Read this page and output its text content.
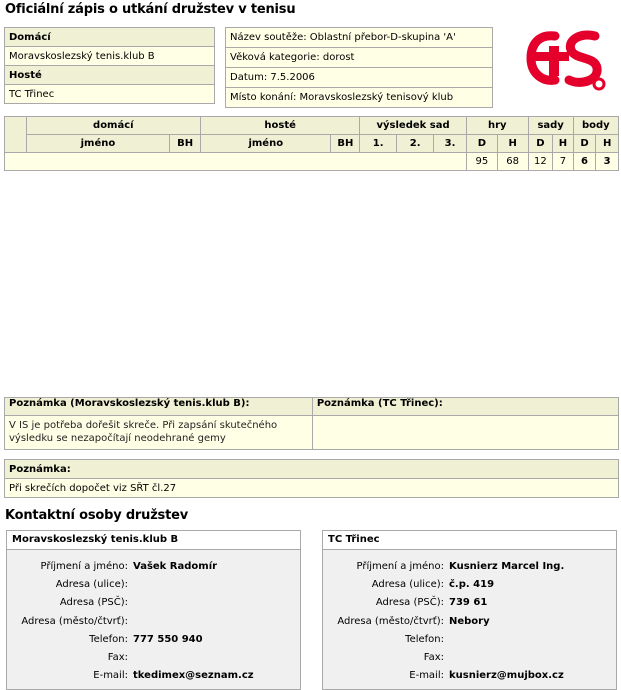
Oficiální zápis o utkání družstev v tenisu
Domácí
Moravskoslezský tenis.klub B
Hosté
TC Třinec
Název soutěže: Oblastní přebor-D-skupina 'A'
Věková kategorie: dorost
Datum: 7.5.2006
Místo konání: Moravskoslezský tenisový klub
	domácí		hosté		výsledek sad			hry		sady		body	
	jméno	BH	jméno	BH	1.	2.	3.	D	H	D	H	D	H
								95	68	12	7	6	3
Poznámka (Moravskoslezský tenis.klub B):	Poznámka (TC Třinec):
V IS je potřeba dořešit skreče. Při zapsání skutečného
výsledku se nezapočítají neodehrané gemy	
Poznámka:
Při skrečích dopočet viz SŘT čl.27
Kontaktní osoby družstev
Moravskoslezský tenis.klub B
Příjmení a jméno: Vašek Radomír
Adresa (ulice):
Adresa (PSČ):
Adresa (město/čtvrť):
Telefon: 777 550 940
Fax:
E-mail: tkedimex@seznam.cz
TC Třinec
Příjmení a jméno: Kusnierz Marcel Ing.
Adresa (ulice): č.p. 419
Adresa (PSČ): 739 61
Adresa (město/čtvrť): Nebory
Telefon:
Fax:
E-mail: kusnierz@mujbox.cz
